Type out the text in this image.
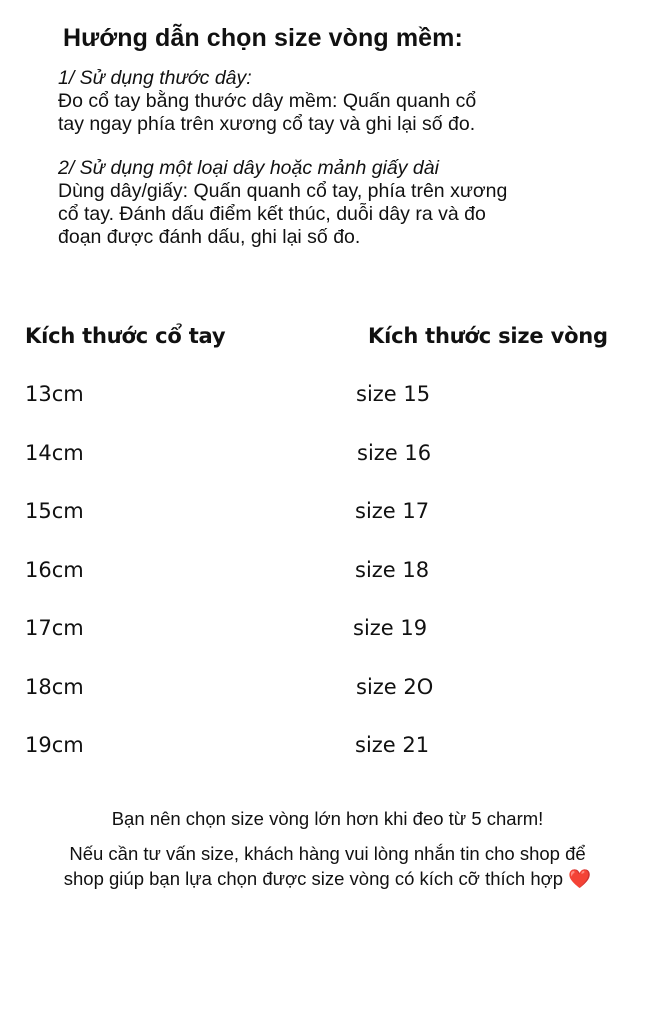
Hướng dẫn chọn size vòng mềm:
1/ Sử dụng thước dây:
Đo cổ tay bằng thước dây mềm: Quấn quanh cổ
tay ngay phía trên xương cổ tay và ghi lại số đo.
2/ Sử dụng một loại dây hoặc mảnh giấy dài
Dùng dây/giấy: Quấn quanh cổ tay, phía trên xương
cổ tay. Đánh dấu điểm kết thúc, duỗi dây ra và đo
đoạn được đánh dấu, ghi lại số đo.
Kích thước cổ tay	Kích thước size vòng
13cm	size 15
14cm	size 16
15cm	size 17
16cm	size 18
17cm	size 19
18cm	size 2O
19cm	size 21
Bạn nên chọn size vòng lớn hơn khi đeo từ 5 charm!
Nếu cần tư vấn size, khách hàng vui lòng nhắn tin cho shop để
shop giúp bạn lựa chọn được size vòng có kích cỡ thích hợp ❤️
